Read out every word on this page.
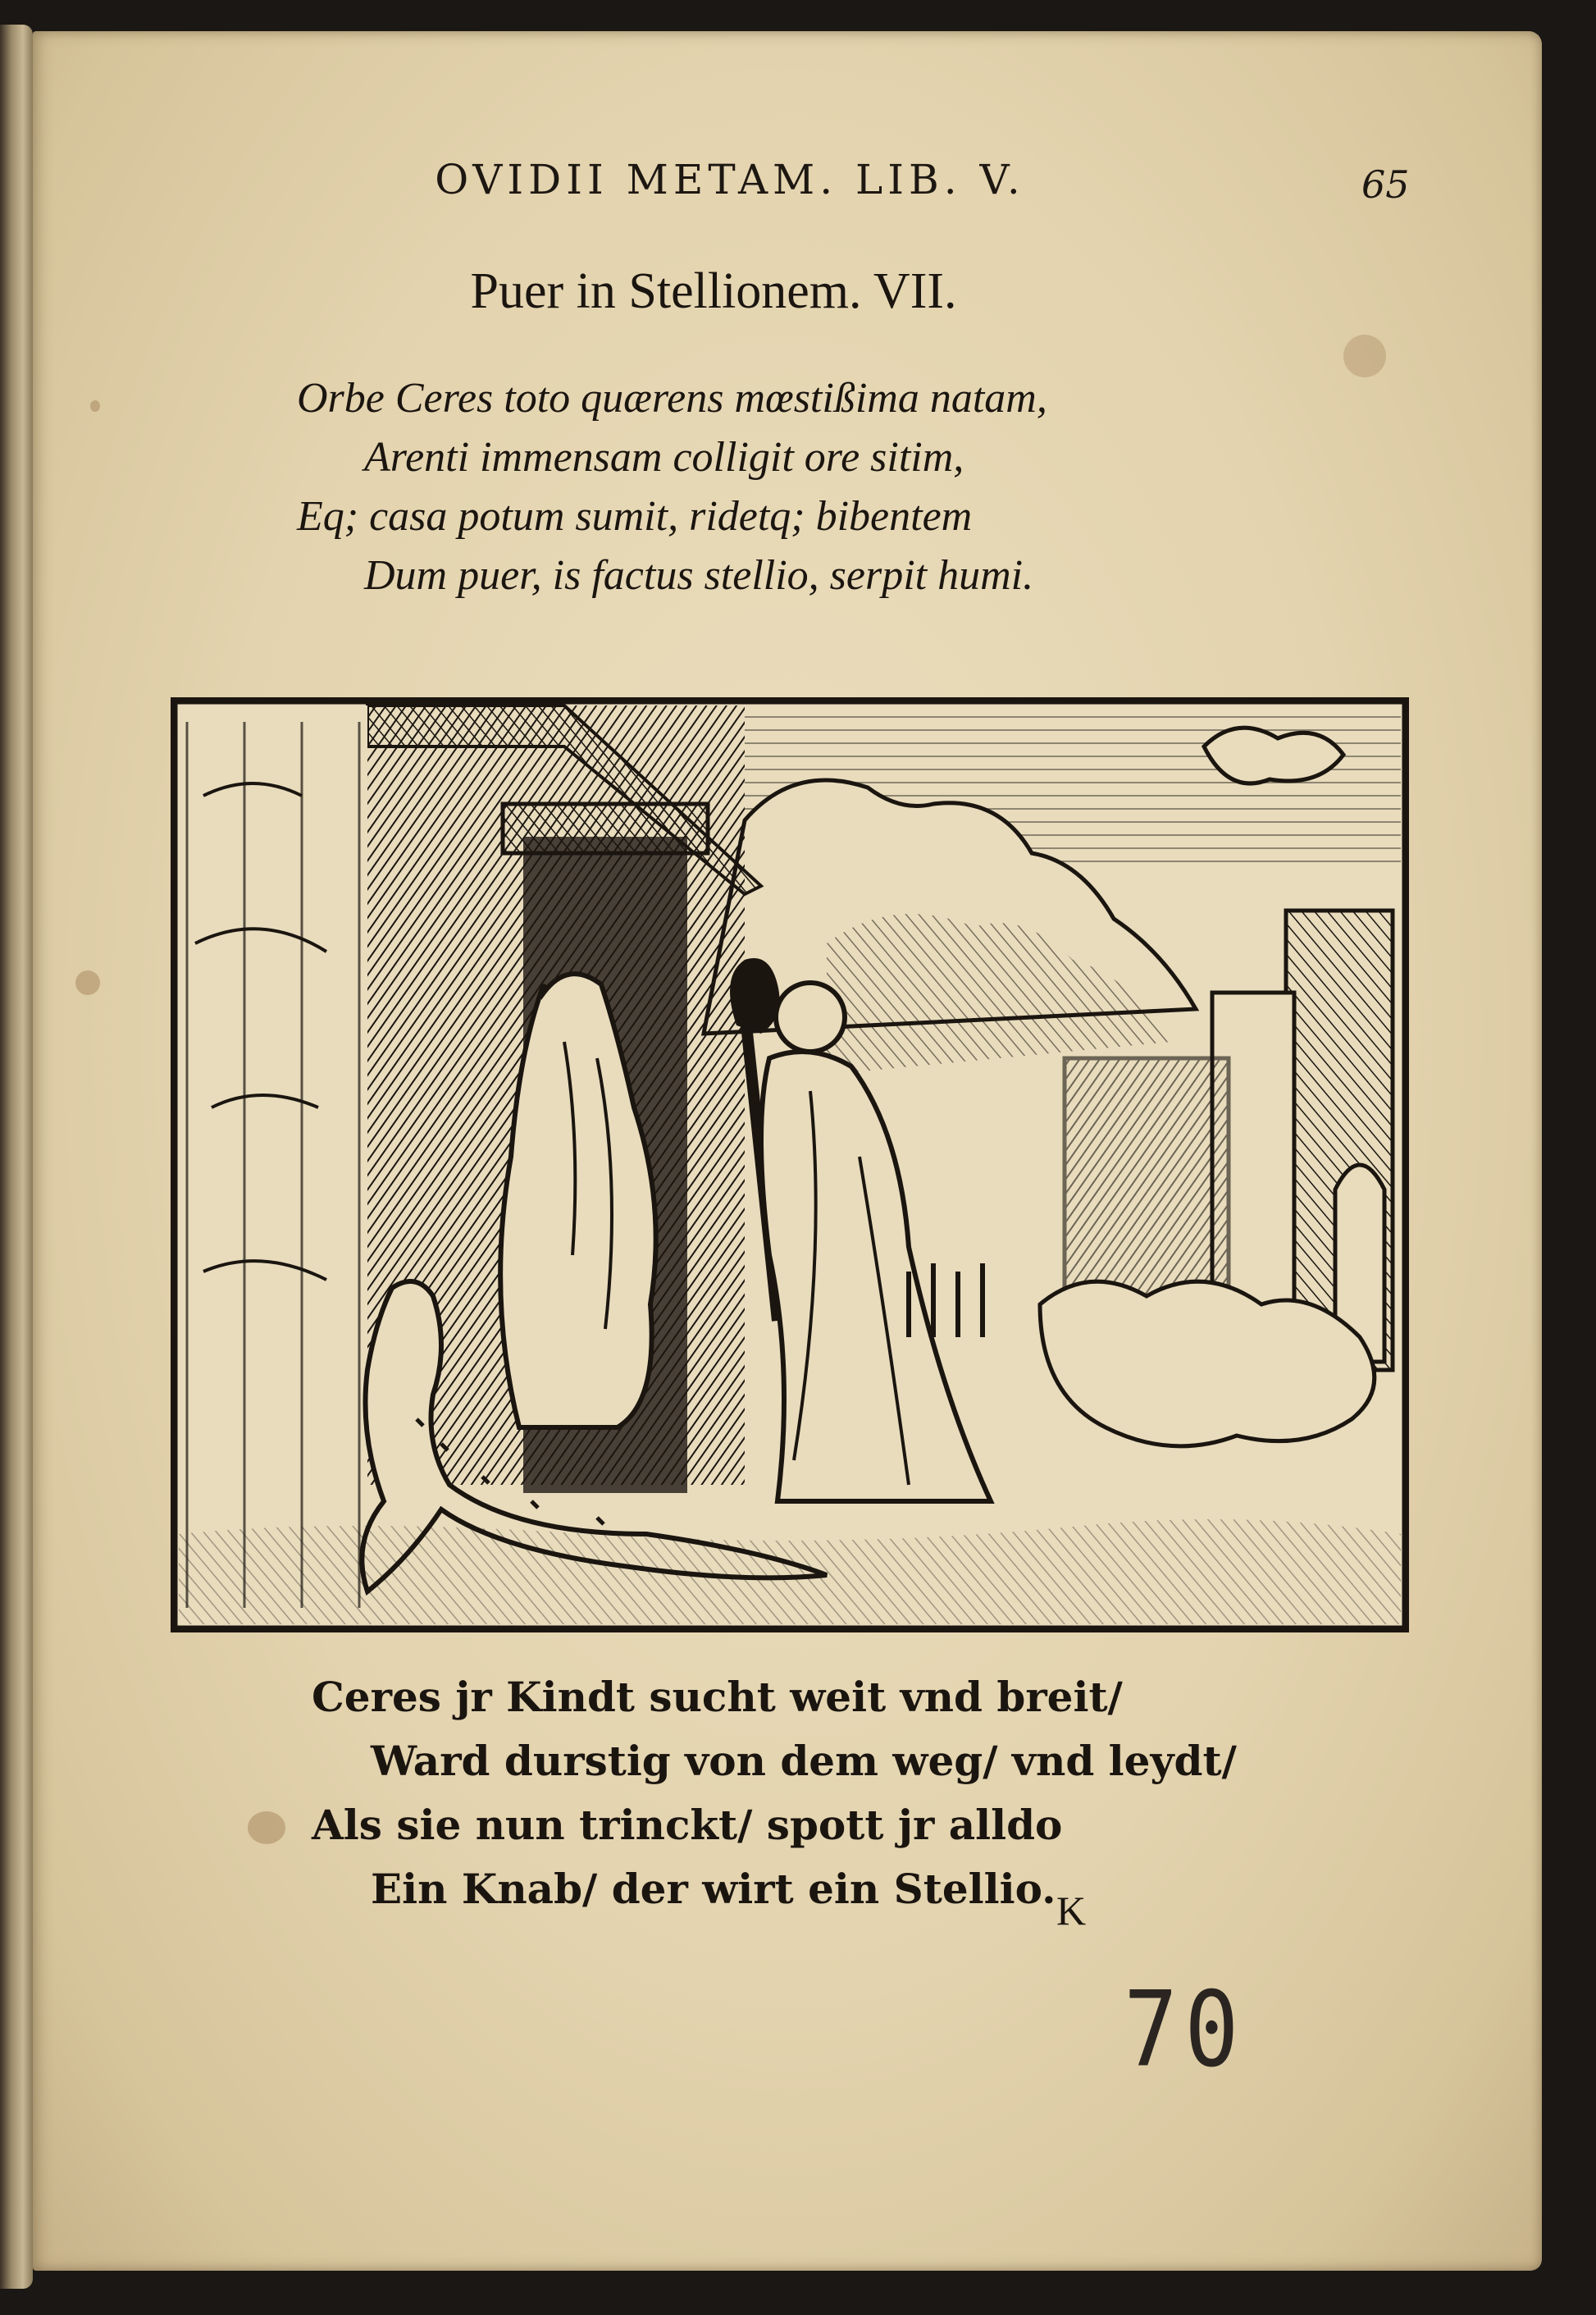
OVIDII METAM. LIB. V.	65
Puer in Stellionem. VII.
Orbe Ceres toto quærens mœstißima natam,
Arenti immensam colligit ore sitim,
Eq; casa potum sumit, ridetq; bibentem
Dum puer, is factus stellio, serpit humi.
Ceres jr Kindt sucht weit vnd breit/
Ward durstig von dem weg/ vnd leydt/
Als sie nun trinckt/ spott jr alldo
Ein Knab/ der wirt ein Stellio. K
70
